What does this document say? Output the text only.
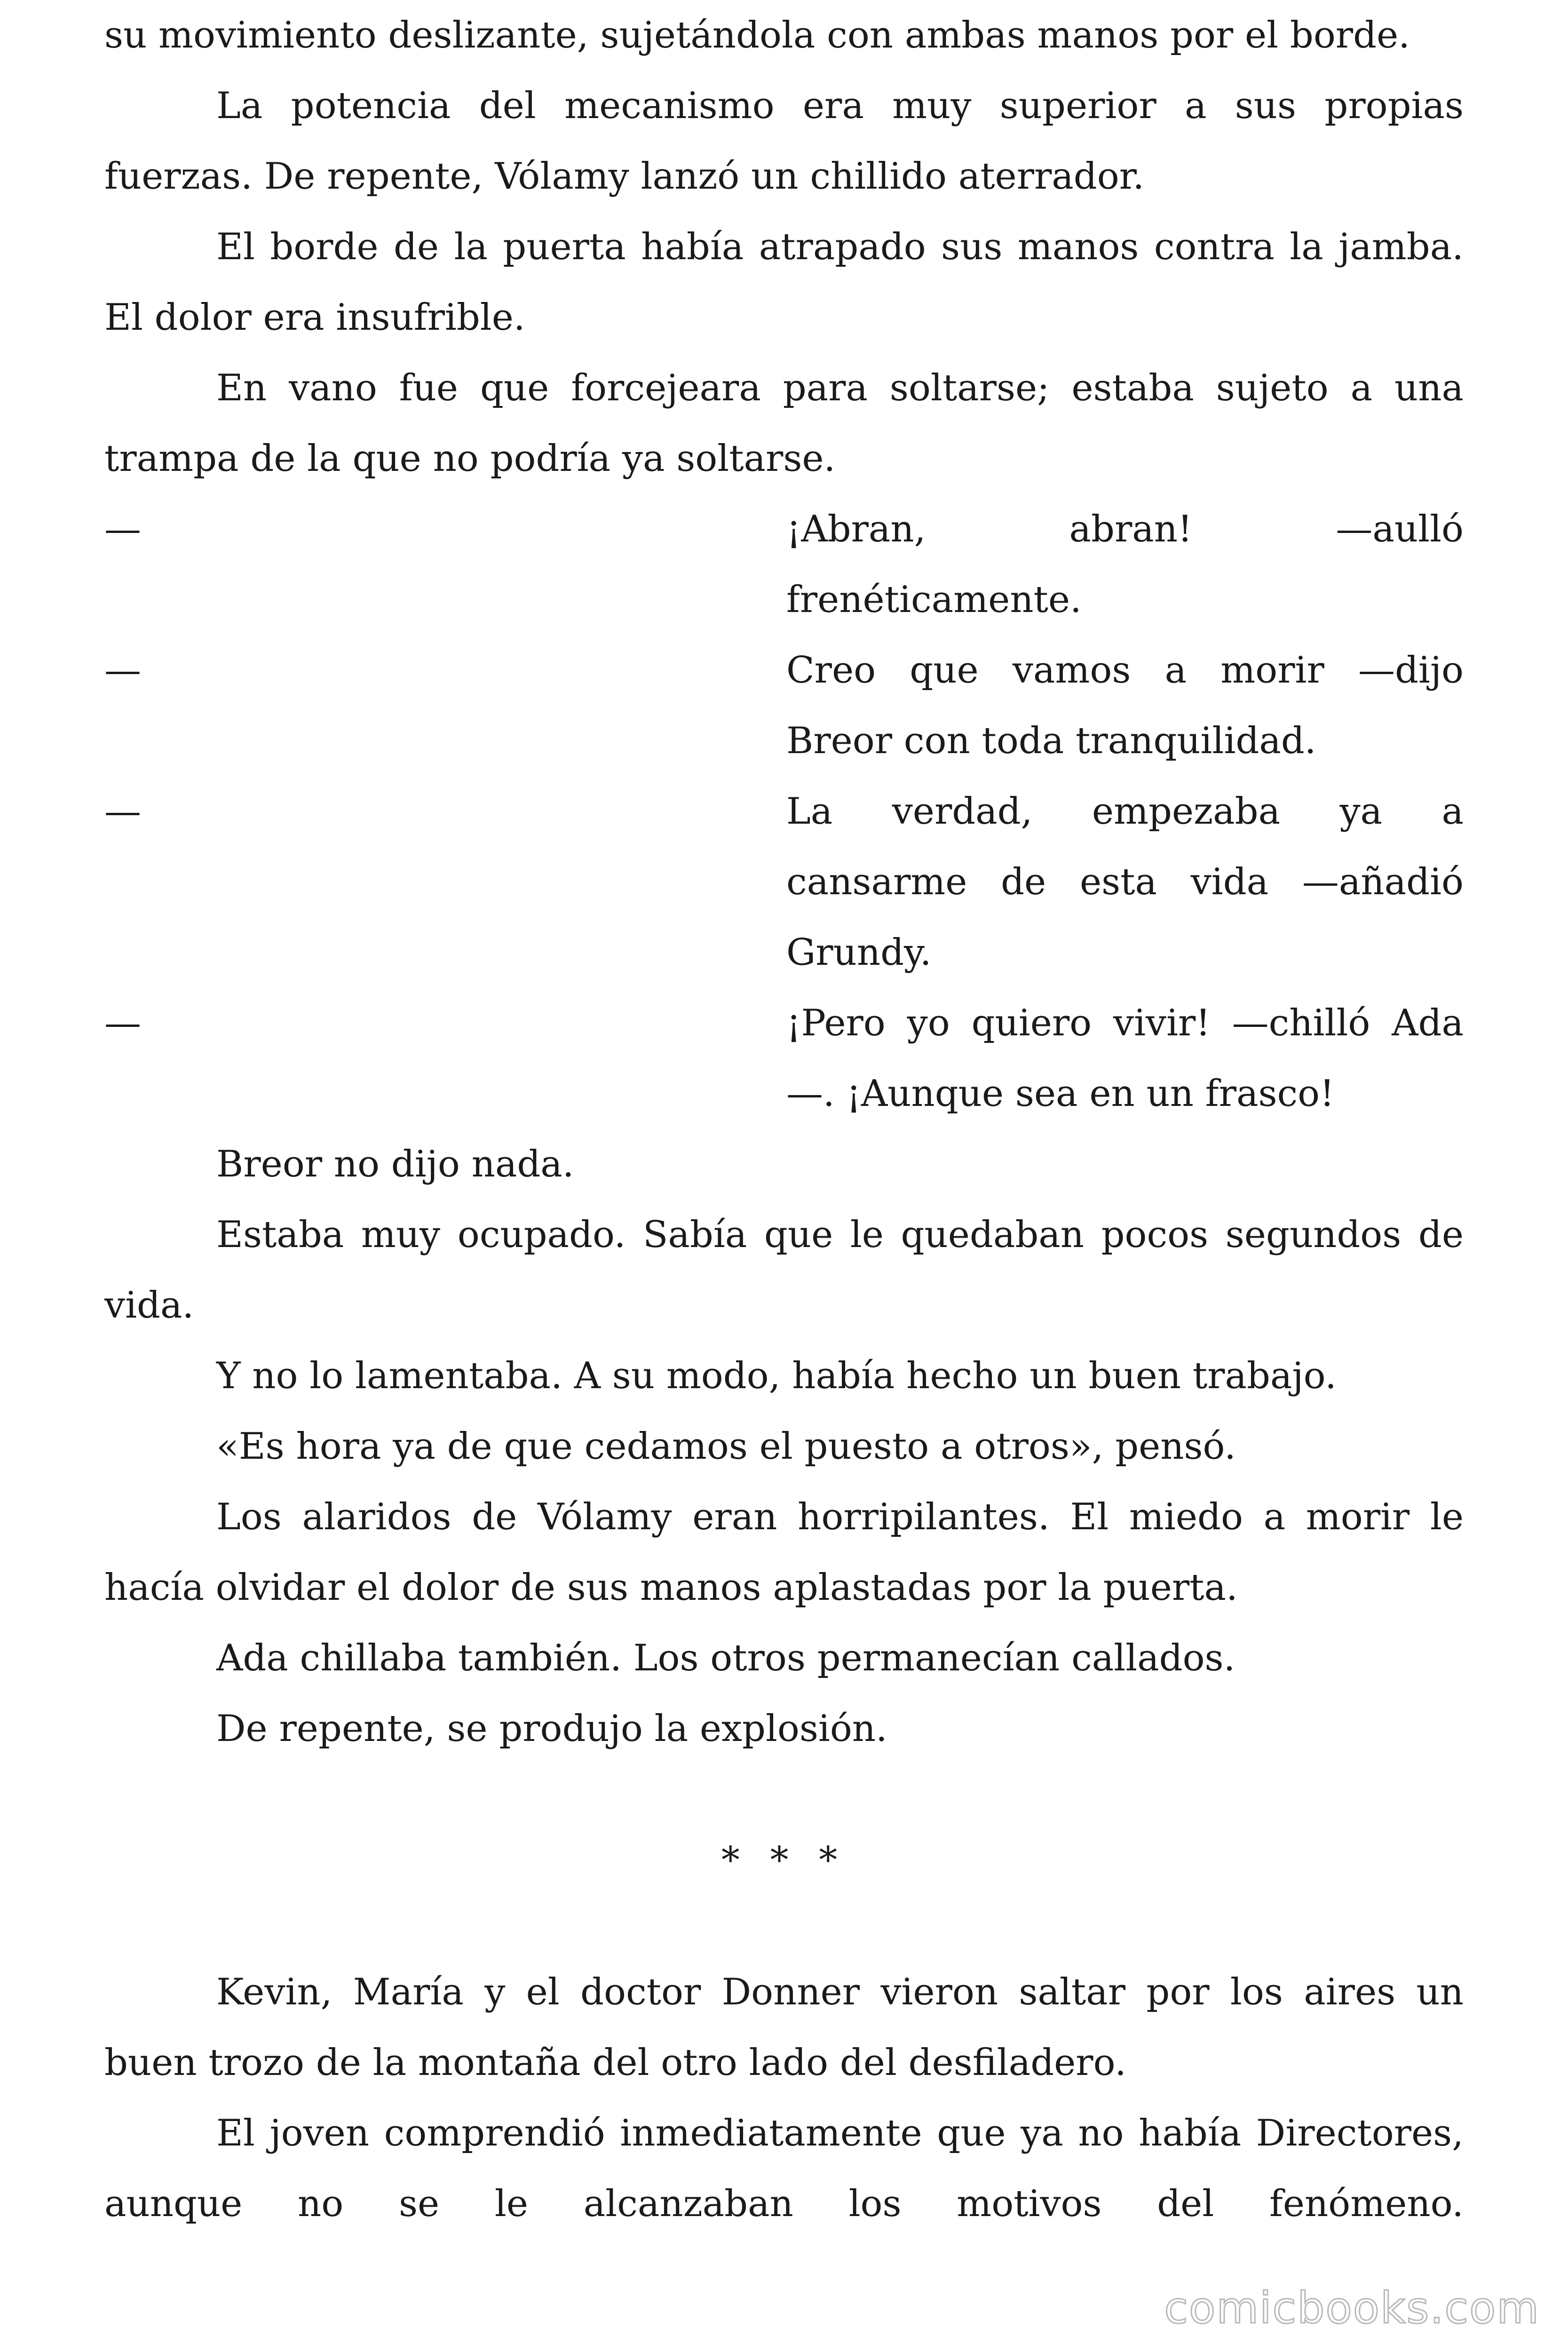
su movimiento deslizante, sujetándola con ambas manos por el borde.

La potencia del mecanismo era muy superior a sus propias fuerzas. De repente, Vólamy lanzó un chillido aterrador.

El borde de la puerta había atrapado sus manos contra la jamba. El dolor era insufrible.

En vano fue que forcejeara para soltarse; estaba sujeto a una trampa de la que no podría ya soltarse.

—	¡Abran, abran! —aulló frenéticamente.
—	Creo que vamos a morir —dijo Breor con toda tranquilidad.
—	La verdad, empezaba ya a cansarme de esta vida —añadió Grundy.
—	¡Pero yo quiero vivir! —chilló Ada —. ¡Aunque sea en un frasco!

Breor no dijo nada.

Estaba muy ocupado. Sabía que le quedaban pocos segundos de vida.

Y no lo lamentaba. A su modo, había hecho un buen trabajo.

«Es hora ya de que cedamos el puesto a otros», pensó.

Los alaridos de Vólamy eran horripilantes. El miedo a morir le hacía olvidar el dolor de sus manos aplastadas por la puerta.

Ada chillaba también. Los otros permanecían callados.

De repente, se produjo la explosión.

* * *

Kevin, María y el doctor Donner vieron saltar por los aires un buen trozo de la montaña del otro lado del desfiladero.

El joven comprendió inmediatamente que ya no había Directores, aunque no se le alcanzaban los motivos del fenómeno.

comicbooks.com
